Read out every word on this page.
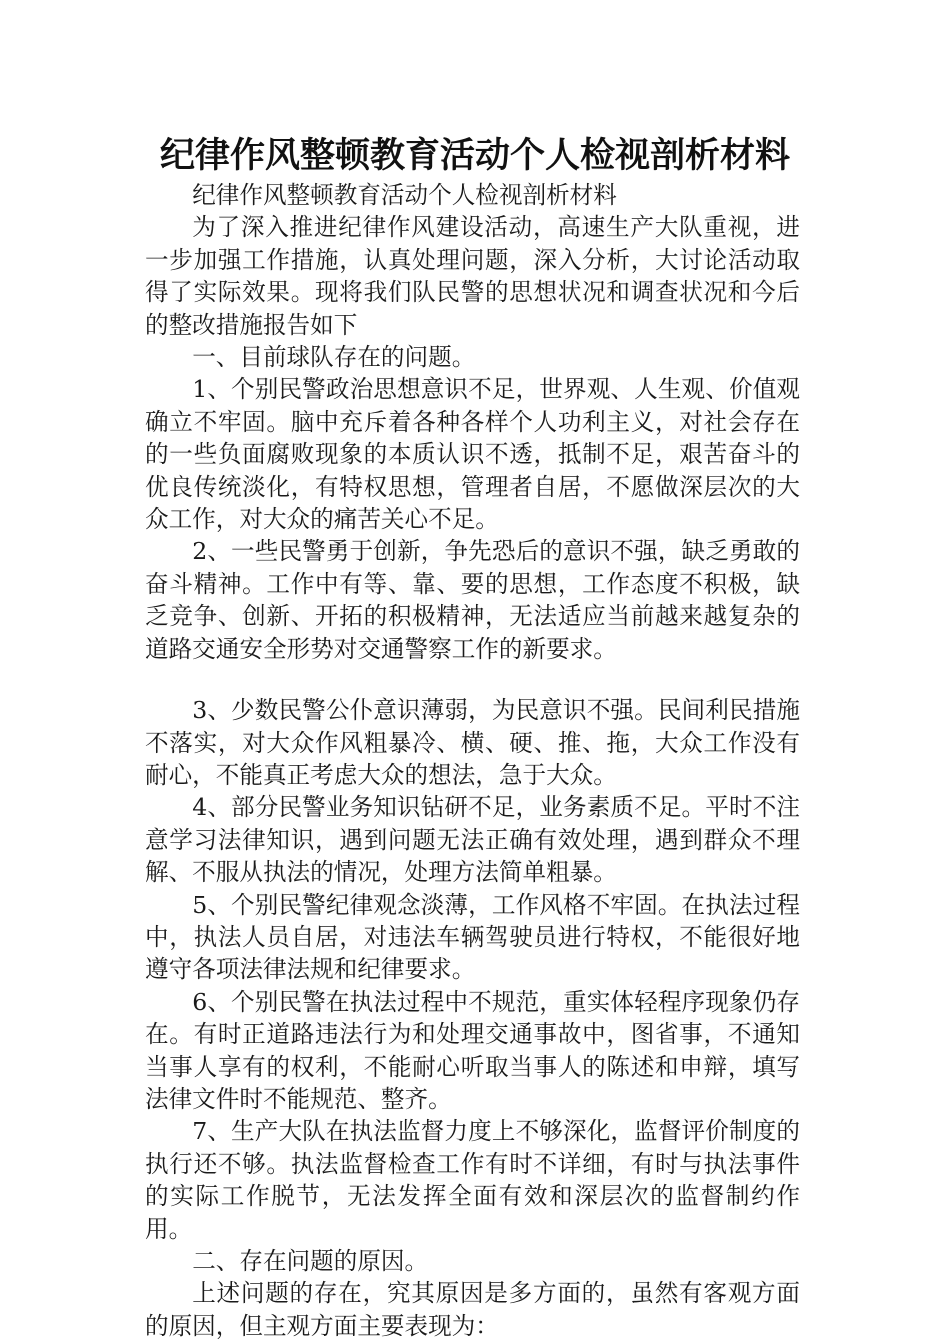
纪律作风整顿教育活动个人检视剖析材料

纪律作风整顿教育活动个人检视剖析材料

为了深入推进纪律作风建设活动，高速生产大队重视，进一步加强工作措施，认真处理问题，深入分析，大讨论活动取得了实际效果。现将我们队民警的思想状况和调查状况和今后的整改措施报告如下

一、目前球队存在的问题。

1、个别民警政治思想意识不足，世界观、人生观、价值观确立不牢固。脑中充斥着各种各样个人功利主义，对社会存在的一些负面腐败现象的本质认识不透，抵制不足，艰苦奋斗的优良传统淡化，有特权思想，管理者自居，不愿做深层次的大众工作，对大众的痛苦关心不足。

2、一些民警勇于创新，争先恐后的意识不强，缺乏勇敢的奋斗精神。工作中有等、靠、要的思想，工作态度不积极，缺乏竞争、创新、开拓的积极精神，无法适应当前越来越复杂的道路交通安全形势对交通警察工作的新要求。

3、少数民警公仆意识薄弱，为民意识不强。民间利民措施不落实，对大众作风粗暴冷、横、硬、推、拖，大众工作没有耐心，不能真正考虑大众的想法，急于大众。

4、部分民警业务知识钻研不足，业务素质不足。平时不注意学习法律知识，遇到问题无法正确有效处理，遇到群众不理解、不服从执法的情况，处理方法简单粗暴。

5、个别民警纪律观念淡薄，工作风格不牢固。在执法过程中，执法人员自居，对违法车辆驾驶员进行特权，不能很好地遵守各项法律法规和纪律要求。

6、个别民警在执法过程中不规范，重实体轻程序现象仍存在。有时正道路违法行为和处理交通事故中，图省事，不通知当事人享有的权利，不能耐心听取当事人的陈述和申辩，填写法律文件时不能规范、整齐。

7、生产大队在执法监督力度上不够深化，监督评价制度的执行还不够。执法监督检查工作有时不详细，有时与执法事件的实际工作脱节，无法发挥全面有效和深层次的监督制约作用。

二、存在问题的原因。

上述问题的存在，究其原因是多方面的，虽然有客观方面的原因，但主观方面主要表现为：
